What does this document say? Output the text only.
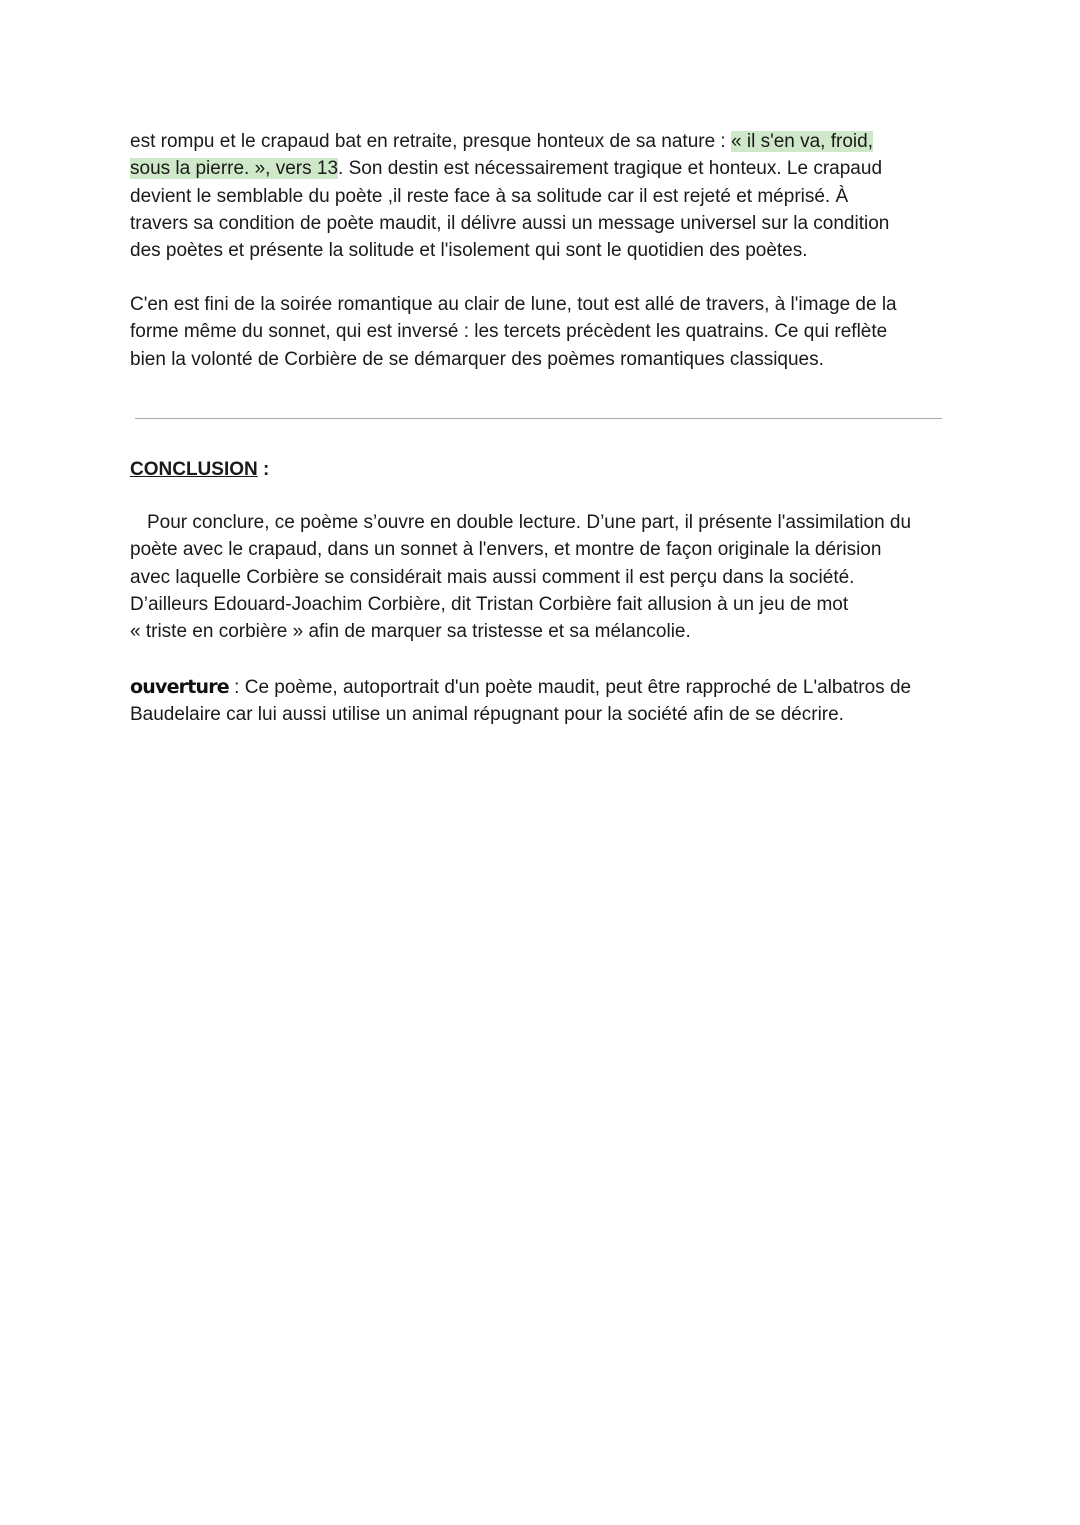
est rompu et le crapaud bat en retraite, presque honteux de sa nature : « il s'en va, froid,
sous la pierre. », vers 13. Son destin est nécessairement tragique et honteux. Le crapaud
devient le semblable du poète ,il reste face à sa solitude car il est rejeté et méprisé. À
travers sa condition de poète maudit, il délivre aussi un message universel sur la condition
des poètes et présente la solitude et l'isolement qui sont le quotidien des poètes.

C'en est fini de la soirée romantique au clair de lune, tout est allé de travers, à l'image de la
forme même du sonnet, qui est inversé : les tercets précèdent les quatrains. Ce qui reflète
bien la volonté de Corbière de se démarquer des poèmes romantiques classiques.

CONCLUSION :

Pour conclure, ce poème s’ouvre en double lecture. D’une part, il présente l'assimilation du
poète avec le crapaud, dans un sonnet à l'envers, et montre de façon originale la dérision
avec laquelle Corbière se considérait mais aussi comment il est perçu dans la société.
D’ailleurs Edouard-Joachim Corbière, dit Tristan Corbière fait allusion à un jeu de mot
« triste en corbière » afin de marquer sa tristesse et sa mélancolie.

ouverture : Ce poème, autoportrait d'un poète maudit, peut être rapproché de L'albatros de
Baudelaire car lui aussi utilise un animal répugnant pour la société afin de se décrire.
